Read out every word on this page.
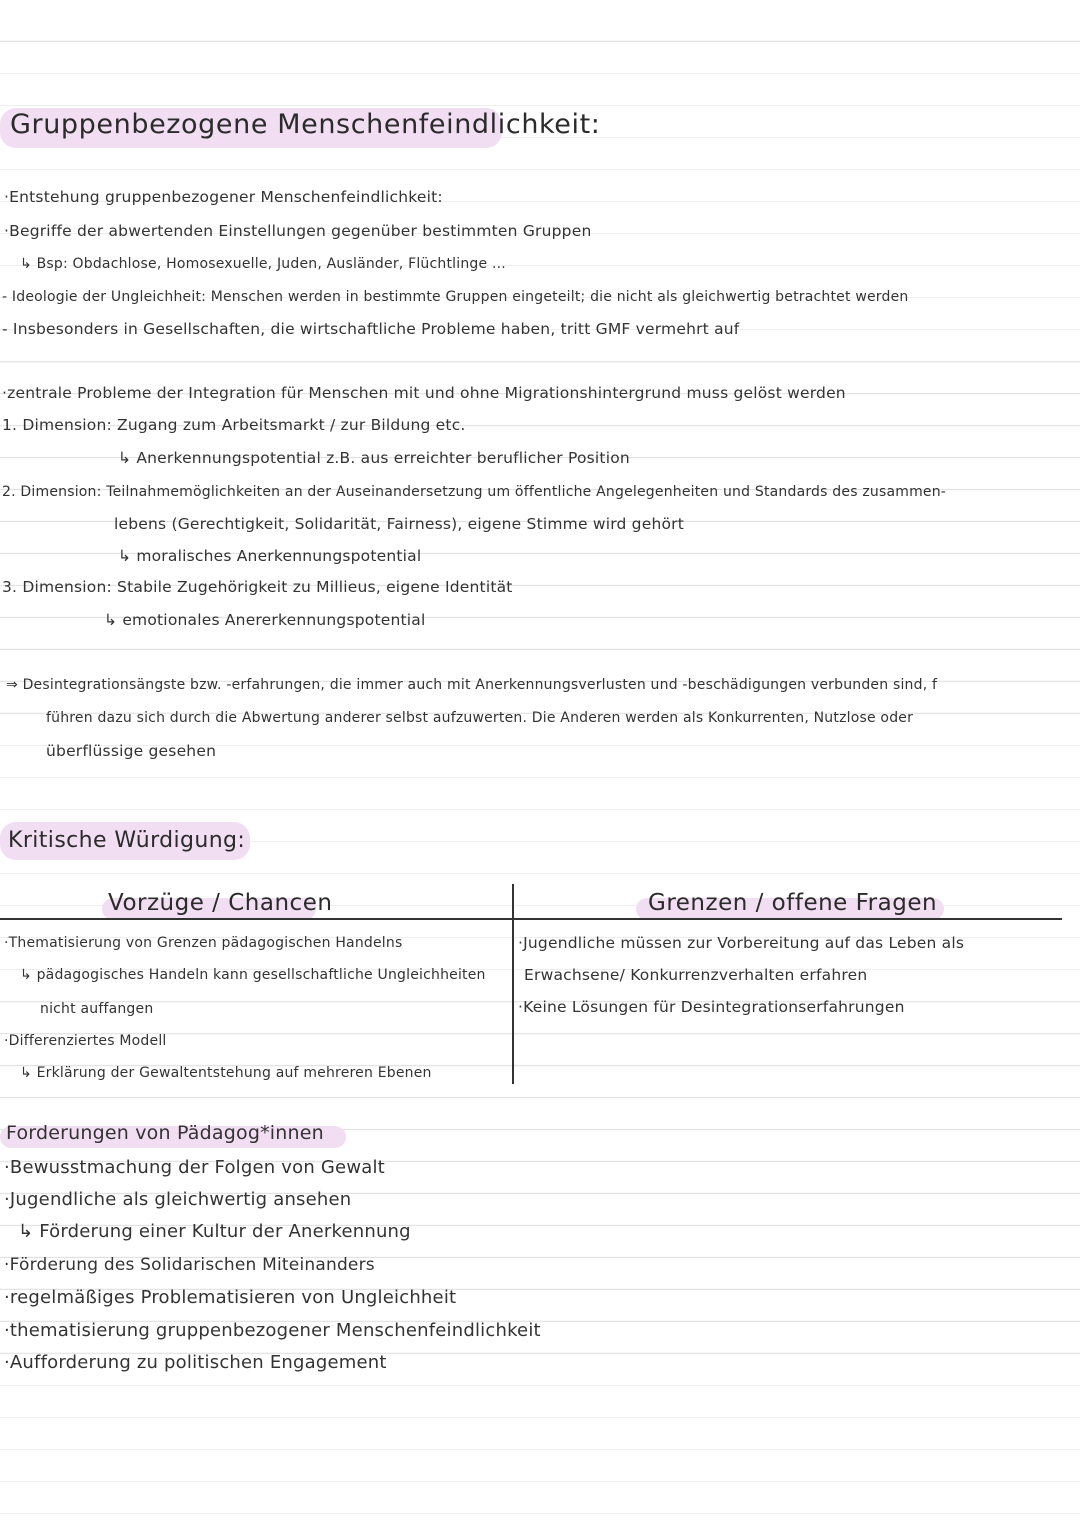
Gruppenbezogene Menschenfeindlichkeit:
·Entstehung gruppenbezogener Menschenfeindlichkeit:
·Begriffe der abwertenden Einstellungen gegenüber bestimmten Gruppen
↳ Bsp: Obdachlose, Homosexuelle, Juden, Ausländer, Flüchtlinge ...
- Ideologie der Ungleichheit: Menschen werden in bestimmte Gruppen eingeteilt; die nicht als gleichwertig betrachtet werden
- Insbesonders in Gesellschaften, die wirtschaftliche Probleme haben, tritt GMF vermehrt auf
·zentrale Probleme der Integration für Menschen mit und ohne Migrationshintergrund muss gelöst werden
1. Dimension: Zugang zum Arbeitsmarkt / zur Bildung etc.
↳ Anerkennungspotential z.B. aus erreichter beruflicher Position
2. Dimension: Teilnahmemöglichkeiten an der Auseinandersetzung um öffentliche Angelegenheiten und Standards des zusammen-
lebens (Gerechtigkeit, Solidarität, Fairness), eigene Stimme wird gehört
↳ moralisches Anerkennungspotential
3. Dimension: Stabile Zugehörigkeit zu Millieus, eigene Identität
↳ emotionales Anererkennungspotential
⇒ Desintegrationsängste bzw. -erfahrungen, die immer auch mit Anerkennungsverlusten und -beschädigungen verbunden sind, f
führen dazu sich durch die Abwertung anderer selbst aufzuwerten. Die Anderen werden als Konkurrenten, Nutzlose oder
überflüssige gesehen
Kritische Würdigung:
Vorzüge / Chancen	Grenzen / offene Fragen
·Thematisierung von Grenzen pädagogischen Handelns
↳ pädagogisches Handeln kann gesellschaftliche Ungleichheiten
nicht auffangen
·Differenziertes Modell
↳ Erklärung der Gewaltentstehung auf mehreren Ebenen
·Jugendliche müssen zur Vorbereitung auf das Leben als
Erwachsene/ Konkurrenzverhalten erfahren
·Keine Lösungen für Desintegrationserfahrungen
Forderungen von Pädagog*innen
·Bewusstmachung der Folgen von Gewalt
·Jugendliche als gleichwertig ansehen
↳ Förderung einer Kultur der Anerkennung
·Förderung des Solidarischen Miteinanders
·regelmäßiges Problematisieren von Ungleichheit
·thematisierung gruppenbezogener Menschenfeindlichkeit
·Aufforderung zu politischen Engagement
